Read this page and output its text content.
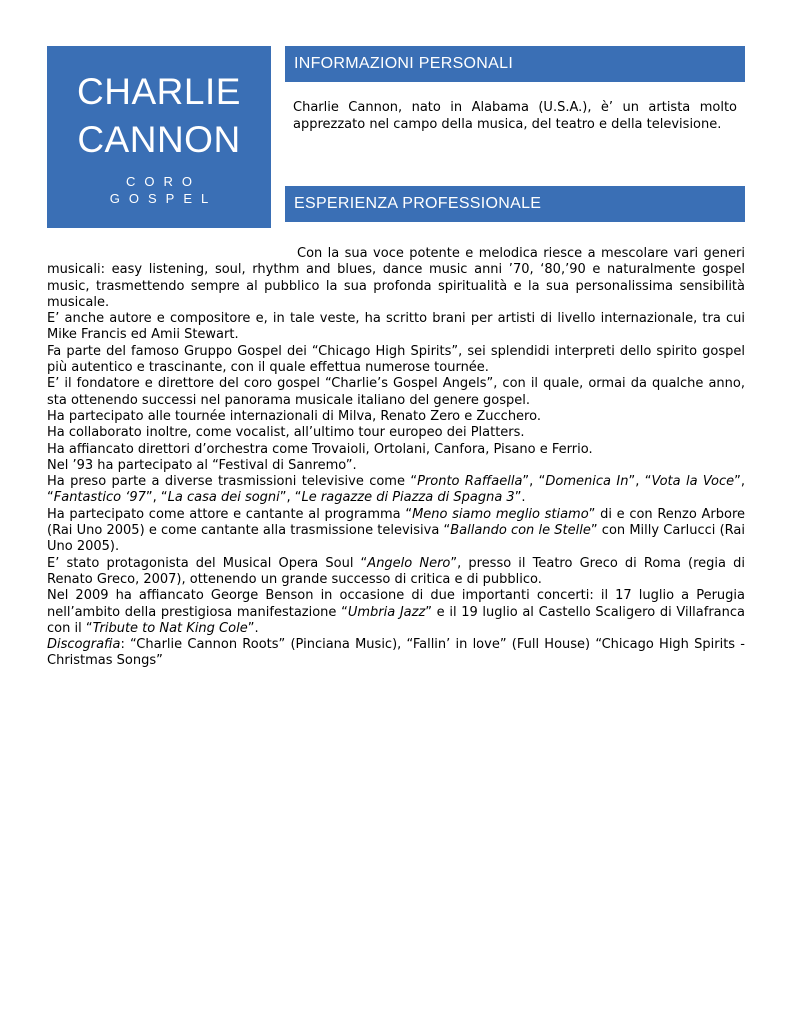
CHARLIE
CANNON
CORO
GOSPEL
INFORMAZIONI PERSONALI

Charlie Cannon, nato in Alabama (U.S.A.), è’ un artista molto apprezzato nel campo della musica, del teatro e della televisione.

ESPERIENZA PROFESSIONALE

Con la sua voce potente e melodica riesce a mescolare vari generi musicali: easy listening, soul, rhythm and blues, dance music anni ’70, ‘80,’90 e naturalmente gospel music, trasmettendo sempre al pubblico la sua profonda spiritualità e la sua personalissima sensibilità musicale.

E’ anche autore e compositore e, in tale veste, ha scritto brani per artisti di livello internazionale, tra cui Mike Francis ed Amii Stewart.

Fa parte del famoso Gruppo Gospel dei “Chicago High Spirits”, sei splendidi interpreti dello spirito gospel più autentico e trascinante, con il quale effettua numerose tournée.

E’ il fondatore e direttore del coro gospel “Charlie’s Gospel Angels”, con il quale, ormai da qualche anno, sta ottenendo successi nel panorama musicale italiano del genere gospel.

Ha partecipato alle tournée internazionali di Milva, Renato Zero e Zucchero.

Ha collaborato inoltre, come vocalist, all’ultimo tour europeo dei Platters.

Ha affiancato direttori d’orchestra come Trovaioli, Ortolani, Canfora, Pisano e Ferrio.

Nel ’93 ha partecipato al “Festival di Sanremo”.

Ha preso parte a diverse trasmissioni televisive come “Pronto Raffaella”, “Domenica In”, “Vota la Voce”, “Fantastico ‘97”, “La casa dei sogni”, “Le ragazze di Piazza di Spagna 3”.

Ha partecipato come attore e cantante al programma “Meno siamo meglio stiamo” di e con Renzo Arbore (Rai Uno 2005) e come cantante alla trasmissione televisiva “Ballando con le Stelle” con Milly Carlucci (Rai Uno 2005).

E’ stato protagonista del Musical Opera Soul “Angelo Nero”, presso il Teatro Greco di Roma (regia di Renato Greco, 2007), ottenendo un grande successo di critica e di pubblico.

Nel 2009 ha affiancato George Benson in occasione di due importanti concerti: il 17 luglio a Perugia nell’ambito della prestigiosa manifestazione “Umbria Jazz” e il 19 luglio al Castello Scaligero di Villafranca con il “Tribute to Nat King Cole”.

Discografia: “Charlie Cannon Roots” (Pinciana Music), “Fallin’ in love” (Full House) “Chicago High Spirits - Christmas Songs”
